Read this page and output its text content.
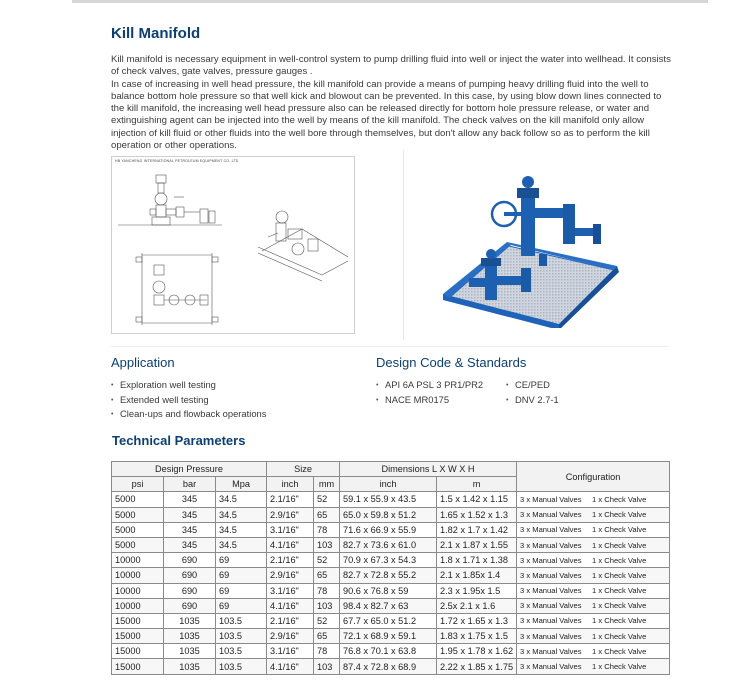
Kill Manifold

Kill manifold is necessary equipment in well-control system to pump drilling fluid into well or inject the water into wellhead. It consists of check valves, gate valves, pressure gauges .

In case of increasing in well head pressure, the kill manifold can provide a means of pumping heavy drilling fluid into the well to balance bottom hole pressure so that well kick and blowout can be prevented. In this case, by using blow down lines connected to the kill manifold, the increasing well head pressure also can be released directly for bottom hole pressure release, or water and extinguishing agent can be injected into the well by means of the kill manifold. The check valves on the kill manifold only allow injection of kill fluid or other fluids into the well bore through themselves, but don't allow any back follow so as to perform the kill operation or other operations.

HB YANCHENG INTERNATIONAL PETROLEUM EQUIPMENT CO.,LTD
Application
• Exploration well testing
• Extended well testing
• Clean-ups and flowback operations
Design Code & Standards
• API 6A PSL 3 PR1/PR2
• NACE MR0175
• CE/PED
• DNV 2.7-1
Technical Parameters
Design Pressure			Size		Dimensions L X W X H		Configuration
psi	bar	Mpa	inch	mm	inch	m	
5000	345	34.5	2.1/16"	52	59.1 x 55.9 x 43.5	1.5 x 1.42 x 1.15	3 x Manual Valves 1 x Check Valve
5000	345	34.5	2.9/16"	65	65.0 x 59.8 x 51.2	1.65 x 1.52 x 1.3	3 x Manual Valves 1 x Check Valve
5000	345	34.5	3.1/16"	78	71.6 x 66.9 x 55.9	1.82 x 1.7 x 1.42	3 x Manual Valves 1 x Check Valve
5000	345	34.5	4.1/16"	103	82.7 x 73.6 x 61.0	2.1 x 1.87 x 1.55	3 x Manual Valves 1 x Check Valve
10000	690	69	2.1/16"	52	70.9 x 67.3 x 54.3	1.8 x 1.71 x 1.38	3 x Manual Valves 1 x Check Valve
10000	690	69	2.9/16"	65	82.7 x 72.8 x 55.2	2.1 x 1.85x 1.4	3 x Manual Valves 1 x Check Valve
10000	690	69	3.1/16"	78	90.6 x 76.8 x 59	2.3 x 1.95x 1.5	3 x Manual Valves 1 x Check Valve
10000	690	69	4.1/16"	103	98.4 x 82.7 x 63	2.5x 2.1 x 1.6	3 x Manual Valves 1 x Check Valve
15000	1035	103.5	2.1/16"	52	67.7 x 65.0 x 51.2	1.72 x 1.65 x 1.3	3 x Manual Valves 1 x Check Valve
15000	1035	103.5	2.9/16"	65	72.1 x 68.9 x 59.1	1.83 x 1.75 x 1.5	3 x Manual Valves 1 x Check Valve
15000	1035	103.5	3.1/16"	78	76.8 x 70.1 x 63.8	1.95 x 1.78 x 1.62	3 x Manual Valves 1 x Check Valve
15000	1035	103.5	4.1/16"	103	87.4 x 72.8 x 68.9	2.22 x 1.85 x 1.75	3 x Manual Valves 1 x Check Valve
